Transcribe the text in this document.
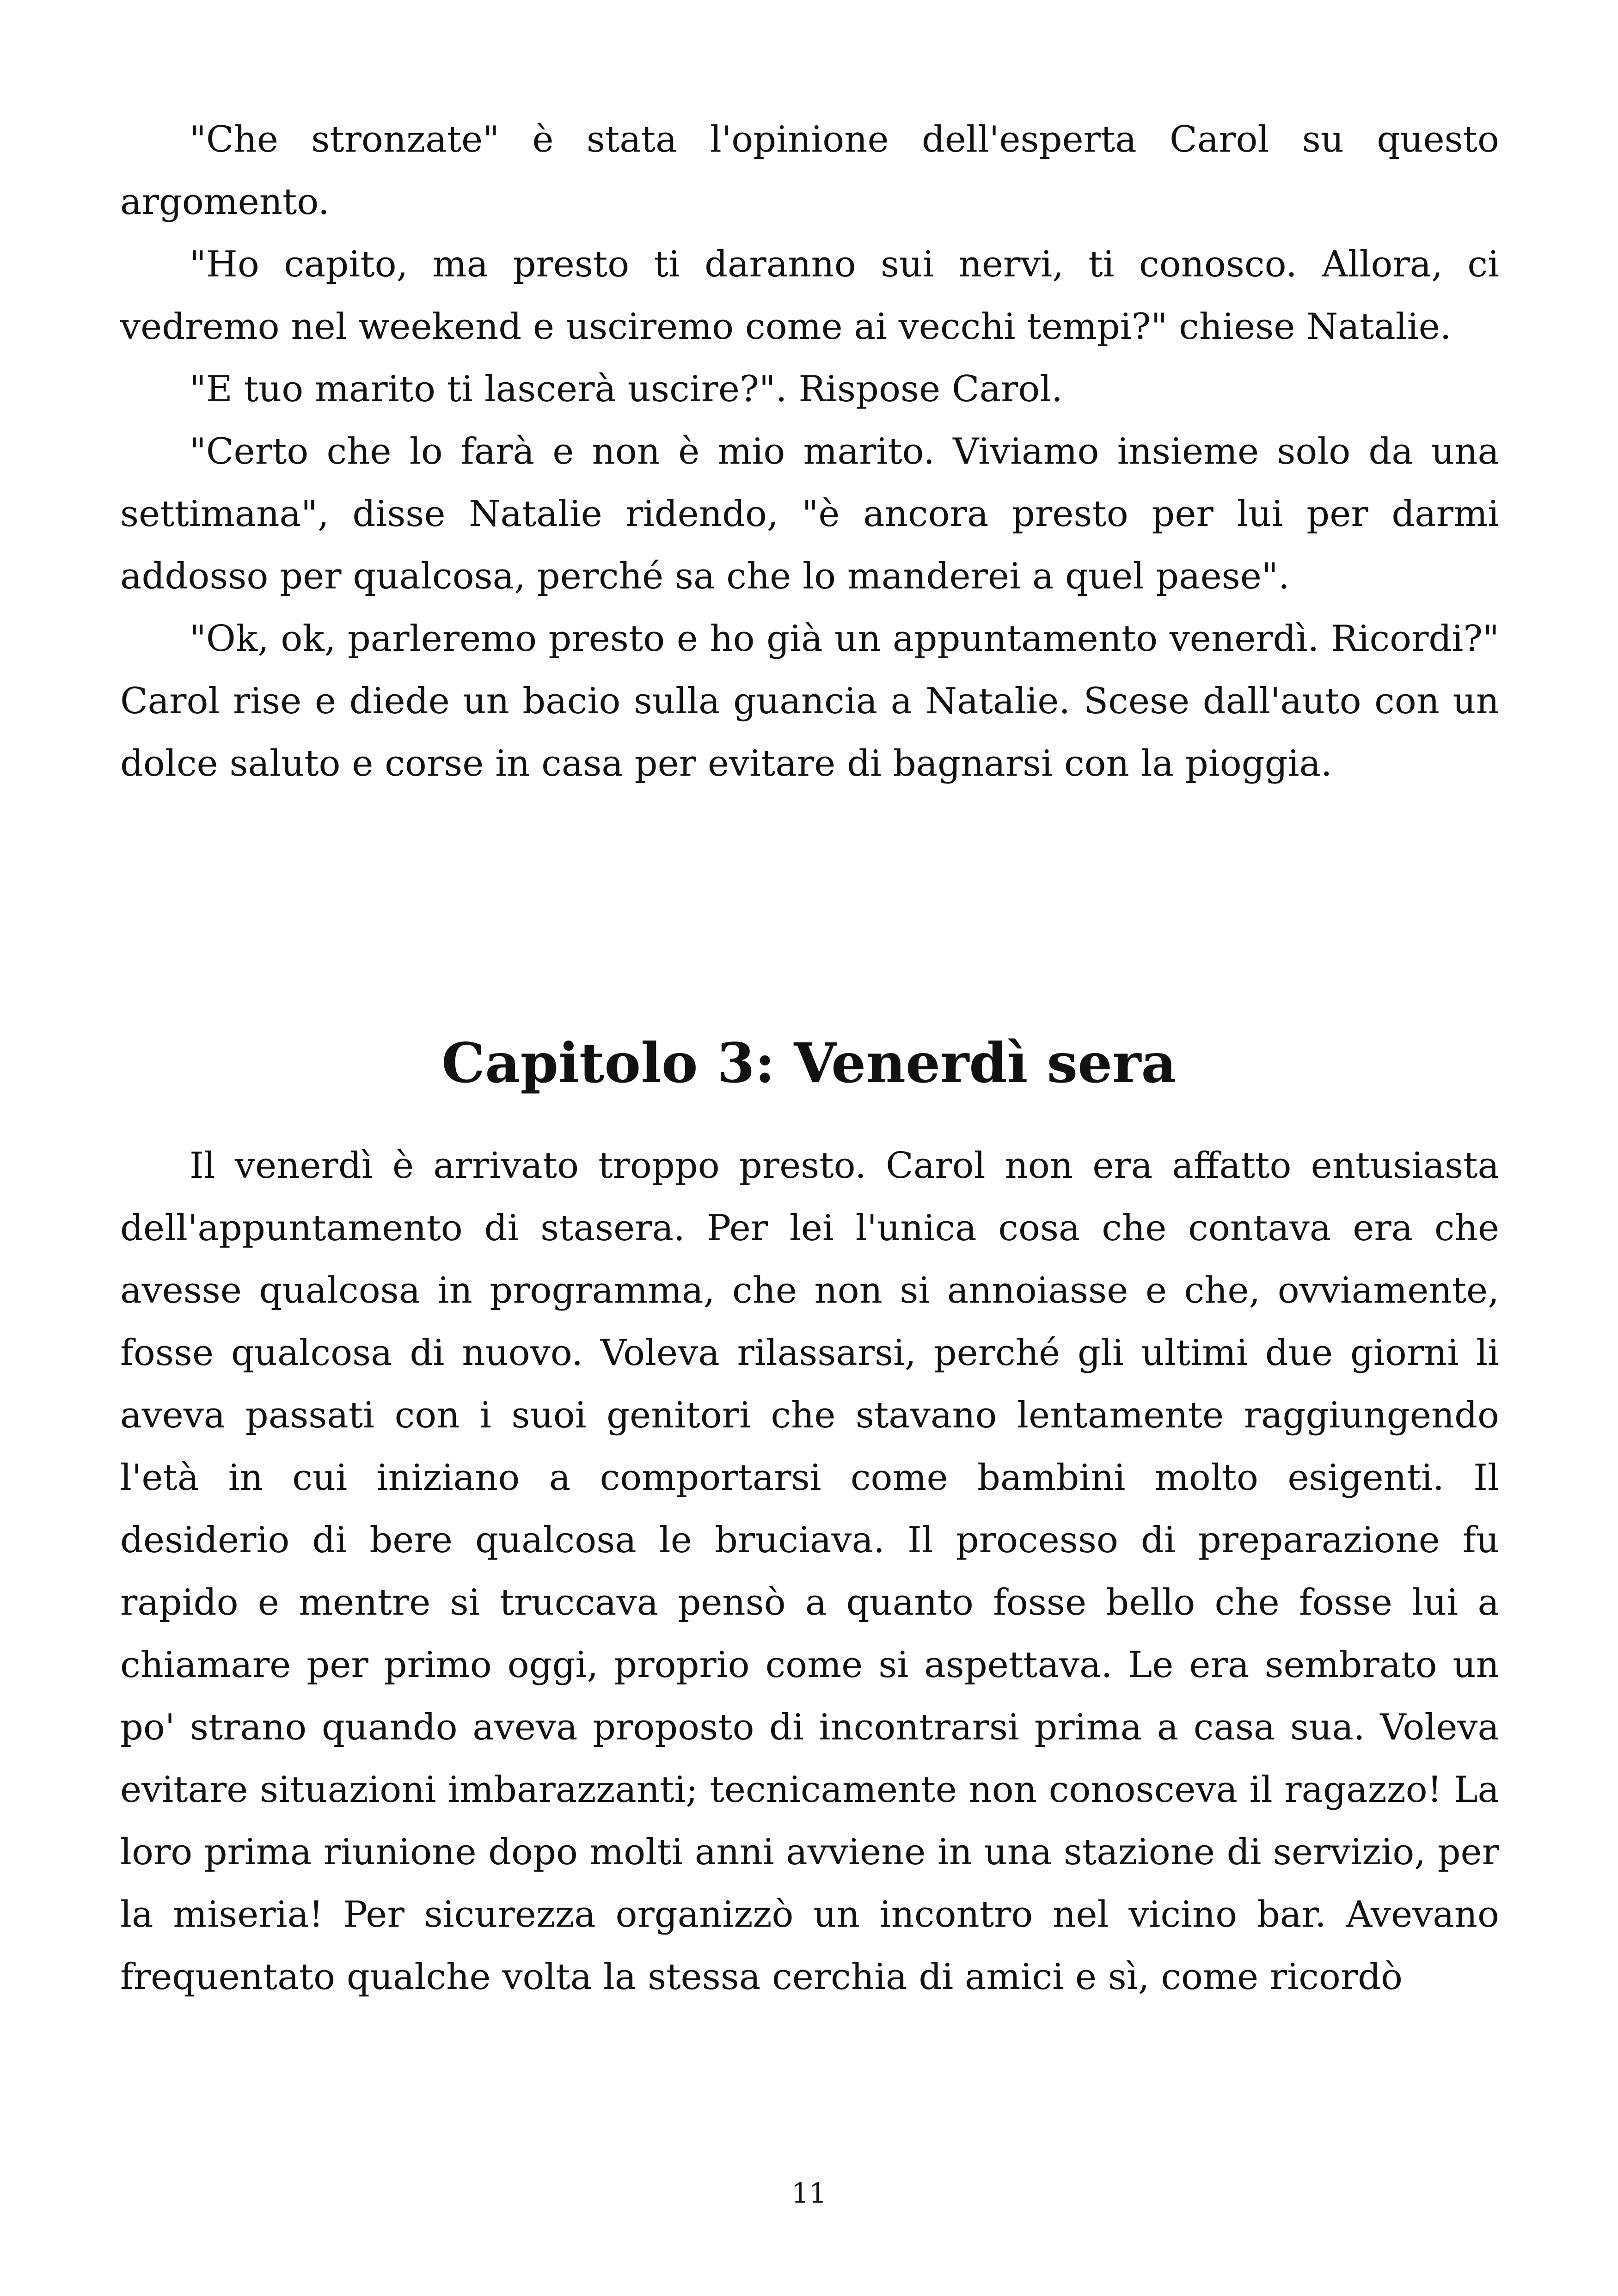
"Che stronzate" è stata l'opinione dell'esperta Carol su questo argomento.

"Ho capito, ma presto ti daranno sui nervi, ti conosco. Allora, ci vedremo nel weekend e usciremo come ai vecchi tempi?" chiese Natalie.

"E tuo marito ti lascerà uscire?". Rispose Carol.

"Certo che lo farà e non è mio marito. Viviamo insieme solo da una settimana", disse Natalie ridendo, "è ancora presto per lui per darmi addosso per qualcosa, perché sa che lo manderei a quel paese".

"Ok, ok, parleremo presto e ho già un appuntamento venerdì. Ricordi?" Carol rise e diede un bacio sulla guancia a Natalie. Scese dall'auto con un dolce saluto e corse in casa per evitare di bagnarsi con la pioggia.

Capitolo 3: Venerdì sera

Il venerdì è arrivato troppo presto. Carol non era affatto entusiasta dell'appuntamento di stasera. Per lei l'unica cosa che contava era che avesse qualcosa in programma, che non si annoiasse e che, ovviamente, fosse qualcosa di nuovo. Voleva rilassarsi, perché gli ultimi due giorni li aveva passati con i suoi genitori che stavano lentamente raggiungendo l'età in cui iniziano a comportarsi come bambini molto esigenti. Il desiderio di bere qualcosa le bruciava. Il processo di preparazione fu rapido e mentre si truccava pensò a quanto fosse bello che fosse lui a chiamare per primo oggi, proprio come si aspettava. Le era sembrato un po' strano quando aveva proposto di incontrarsi prima a casa sua. Voleva evitare situazioni imbarazzanti; tecnicamente non conosceva il ragazzo! La loro prima riunione dopo molti anni avviene in una stazione di servizio, per la miseria! Per sicurezza organizzò un incontro nel vicino bar. Avevano frequentato qualche volta la stessa cerchia di amici e sì, come ricordò

11
